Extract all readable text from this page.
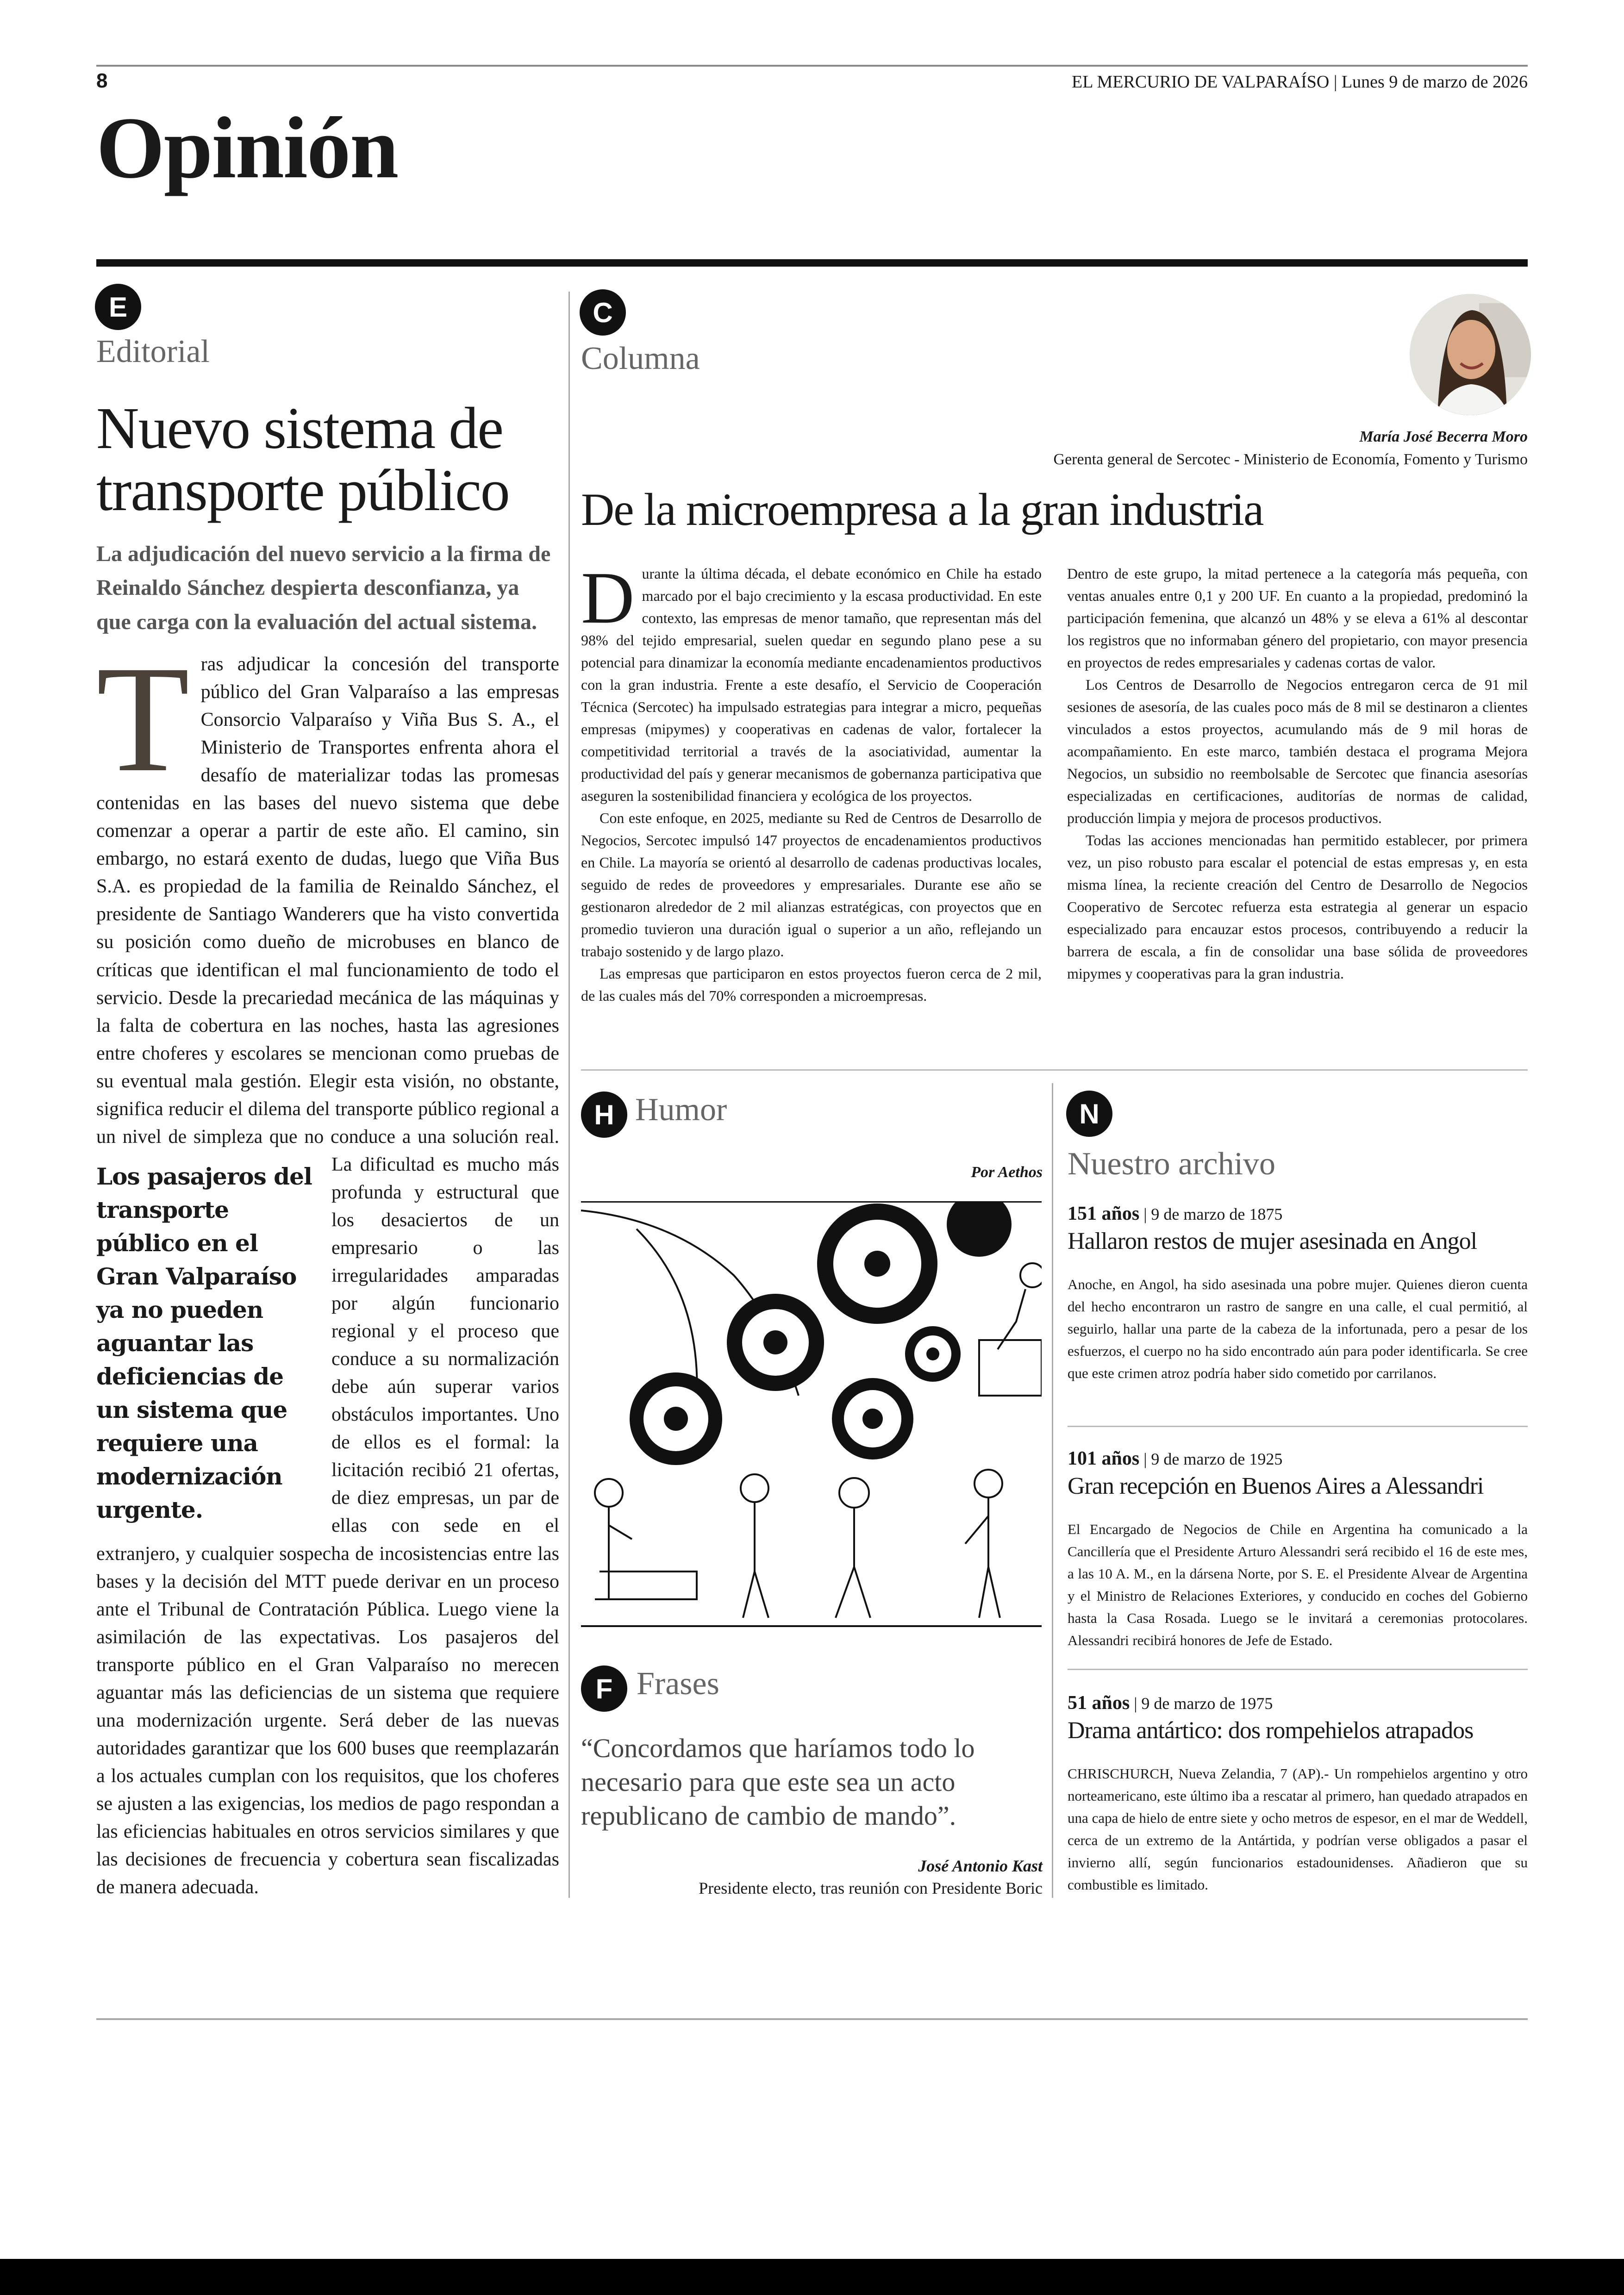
8	EL MERCURIO DE VALPARAÍSO | Lunes 9 de marzo de 2026
Opinión
E
Editorial
Nuevo sistema de transporte público
La adjudicación del nuevo servicio a la firma de Reinaldo Sánchez despierta desconfianza, ya que carga con la evaluación del actual sistema.
T ras adjudicar la concesión del transporte público del Gran Valparaíso a las empresas Consorcio Valparaíso y Viña Bus S. A., el Ministerio de Transportes enfrenta ahora el desafío de materializar todas las promesas contenidas en las bases del nuevo sistema que debe comenzar a operar a partir de este año. El camino, sin embargo, no estará exento de dudas, luego que Viña Bus S.A. es propiedad de la familia de Reinaldo Sánchez, el presidente de Santiago Wanderers que ha visto convertida su posición como dueño de microbuses en blanco de críticas que identifican el mal funcionamiento de todo el servicio. Desde la precariedad mecánica de las máquinas y la falta de cobertura en las noches, hasta las agresiones entre choferes y escolares se mencionan como pruebas de su eventual mala gestión. Elegir esta visión, no obstante, significa reducir el dilema del transporte público regional a un nivel de simpleza que no conduce a una solución real.
Los pasajeros del transporte público en el Gran Valparaíso ya no pueden aguantar las deficiencias de un sistema que requiere una modernización urgente.
La dificultad es mucho más profunda y estructural que los desaciertos de un empresario o las irregularidades amparadas por algún funcionario regional y el proceso que conduce a su normalización debe aún superar varios obstáculos importantes. Uno de ellos es el formal: la licitación recibió 21 ofertas, de diez empresas, un par de ellas con sede en el extranjero, y cualquier sospecha de incosistencias entre las bases y la decisión del MTT puede derivar en un proceso ante el Tribunal de Contratación Pública. Luego viene la asimilación de las expectativas. Los pasajeros del transporte público en el Gran Valparaíso no merecen aguantar más las deficiencias de un sistema que requiere una modernización urgente. Será deber de las nuevas autoridades garantizar que los 600 buses que reemplazarán a los actuales cumplan con los requisitos, que los choferes se ajusten a las exigencias, los medios de pago respondan a las eficiencias habituales en otros servicios similares y que las decisiones de frecuencia y cobertura sean fiscalizadas de manera adecuada.
C
Columna
María José Becerra Moro
Gerenta general de Sercotec - Ministerio de Economía, Fomento y Turismo
De la microempresa a la gran industria
D urante la última década, el debate económico en Chile ha estado marcado por el bajo crecimiento y la escasa productividad. En este contexto, las empresas de menor tamaño, que representan más del 98% del tejido empresarial, suelen quedar en segundo plano pese a su potencial para dinamizar la economía mediante encadenamientos productivos con la gran industria. Frente a este desafío, el Servicio de Cooperación Técnica (Sercotec) ha impulsado estrategias para integrar a micro, pequeñas empresas (mipymes) y cooperativas en cadenas de valor, fortalecer la competitividad territorial a través de la asociatividad, aumentar la productividad del país y generar mecanismos de gobernanza participativa que aseguren la sostenibilidad financiera y ecológica de los proyectos.

Con este enfoque, en 2025, mediante su Red de Centros de Desarrollo de Negocios, Sercotec impulsó 147 proyectos de encadenamientos productivos en Chile. La mayoría se orientó al desarrollo de cadenas productivas locales, seguido de redes de proveedores y empresariales. Durante ese año se gestionaron alrededor de 2 mil alianzas estratégicas, con proyectos que en promedio tuvieron una duración igual o superior a un año, reflejando un trabajo sostenido y de largo plazo.

Las empresas que participaron en estos proyectos fueron cerca de 2 mil, de las cuales más del 70% corresponden a microempresas.

Dentro de este grupo, la mitad pertenece a la categoría más pequeña, con ventas anuales entre 0,1 y 200 UF. En cuanto a la propiedad, predominó la participación femenina, que alcanzó un 48% y se eleva a 61% al descontar los registros que no informaban género del propietario, con mayor presencia en proyectos de redes empresariales y cadenas cortas de valor.

Los Centros de Desarrollo de Negocios entregaron cerca de 91 mil sesiones de asesoría, de las cuales poco más de 8 mil se destinaron a clientes vinculados a estos proyectos, acumulando más de 9 mil horas de acompañamiento. En este marco, también destaca el programa Mejora Negocios, un subsidio no reembolsable de Sercotec que financia asesorías especializadas en certificaciones, auditorías de normas de calidad, producción limpia y mejora de procesos productivos.

Todas las acciones mencionadas han permitido establecer, por primera vez, un piso robusto para escalar el potencial de estas empresas y, en esta misma línea, la reciente creación del Centro de Desarrollo de Negocios Cooperativo de Sercotec refuerza esta estrategia al generar un espacio especializado para encauzar estos procesos, contribuyendo a reducir la barrera de escala, a fin de consolidar una base sólida de proveedores mipymes y cooperativas para la gran industria.

H Humor
Por Aethos
F Frases
“Concordamos que haríamos todo lo necesario para que este sea un acto republicano de cambio de mando”.
José Antonio Kast
Presidente electo, tras reunión con Presidente Boric
N
Nuestro archivo
151 años | 9 de marzo de 1875
Hallaron restos de mujer asesinada en Angol
Anoche, en Angol, ha sido asesinada una pobre mujer. Quienes dieron cuenta del hecho encontraron un rastro de sangre en una calle, el cual permitió, al seguirlo, hallar una parte de la cabeza de la infortunada, pero a pesar de los esfuerzos, el cuerpo no ha sido encontrado aún para poder identificarla. Se cree que este crimen atroz podría haber sido cometido por carrilanos.
101 años | 9 de marzo de 1925
Gran recepción en Buenos Aires a Alessandri
El Encargado de Negocios de Chile en Argentina ha comunicado a la Cancillería que el Presidente Arturo Alessandri será recibido el 16 de este mes, a las 10 A. M., en la dársena Norte, por S. E. el Presidente Alvear de Argentina y el Ministro de Relaciones Exteriores, y conducido en coches del Gobierno hasta la Casa Rosada. Luego se le invitará a ceremonias protocolares. Alessandri recibirá honores de Jefe de Estado.
51 años | 9 de marzo de 1975
Drama antártico: dos rompehielos atrapados
CHRISCHURCH, Nueva Zelandia, 7 (AP).- Un rompehielos argentino y otro norteamericano, este último iba a rescatar al primero, han quedado atrapados en una capa de hielo de entre siete y ocho metros de espesor, en el mar de Weddell, cerca de un extremo de la Antártida, y podrían verse obligados a pasar el invierno allí, según funcionarios estadounidenses. Añadieron que su combustible es limitado.
